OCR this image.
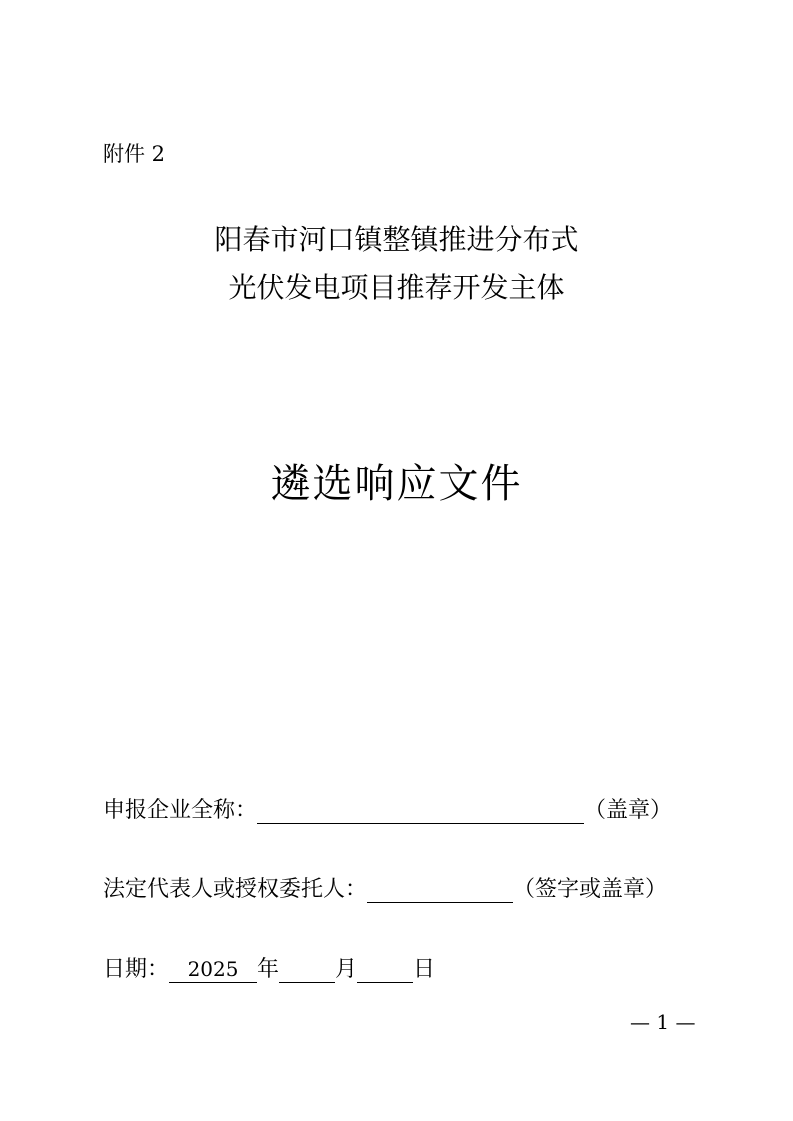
附件 2
阳春市河口镇整镇推进分布式
光伏发电项目推荐开发主体
遴选响应文件
申报企业全称：	（盖章）
法定代表人或授权委托人：	（签字或盖章）
日期： 2025 年	月	日
— 1 —
